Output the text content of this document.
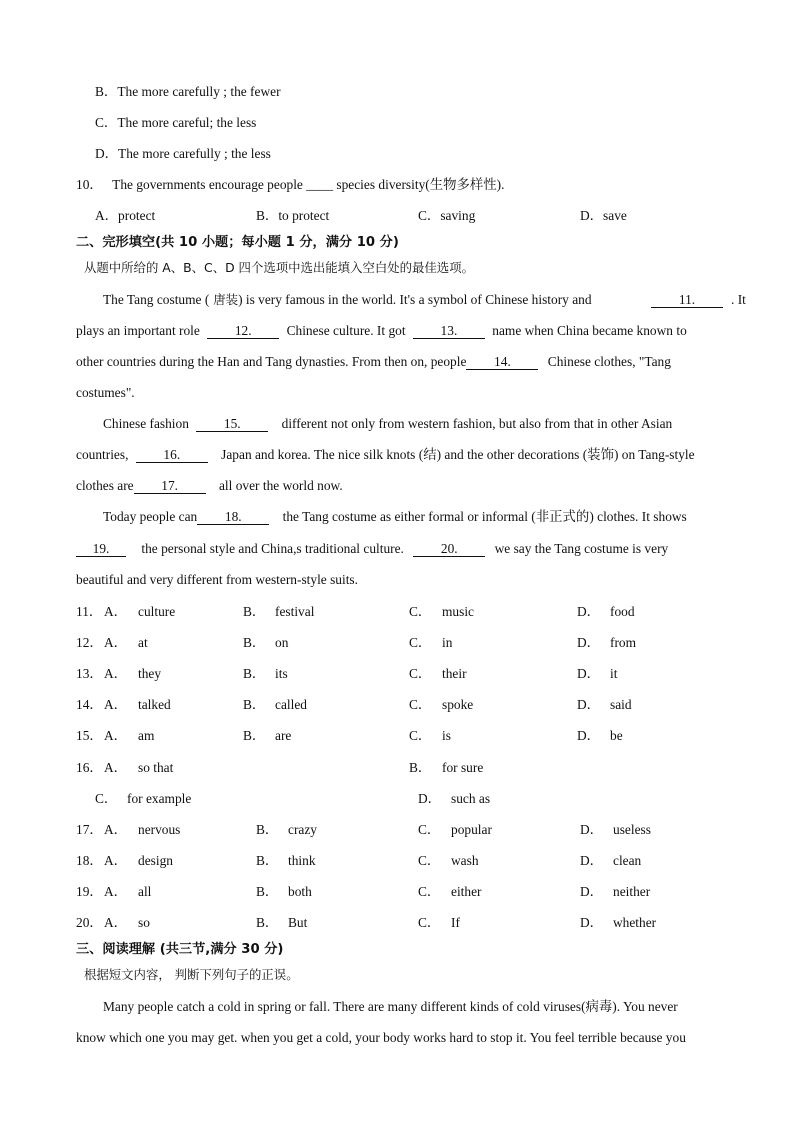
B．The more carefully ; the fewer
C．The more careful; the less
D．The more carefully ; the less
10． The governments encourage people ____ species diversity(生物多样性).
A．protect	B．to protect	C．saving	D．save
二、完形填空(共 10 小题；每小题 1 分，满分 10 分)
从题中所给的 A、B、C、D 四个选项中选出能填入空白处的最佳选项。
The Tang costume ( 唐装) is very famous in the world. It's a symbol of Chinese history and	11.	. It
plays an important role	12.	Chinese culture. It got	13.	name when China became known to
other countries during the Han and Tang dynasties. From then on, people 14.	Chinese clothes, "Tang
costumes".
Chinese fashion	15.	different not only from western fashion, but also from that in other Asian
countries,	16.	Japan and korea. The nice silk knots (结) and the other decorations (装饰) on Tang-style
clothes are 17.	all over the world now.
Today people can 18.	the Tang costume as either formal or informal (非正式的) clothes. It shows
19. the personal style and China,s traditional culture.	20.	we say the Tang costume is very
beautiful and very different from western-style suits.
11． A． culture	B． festival	C． music	D． food
12． A． at	B． on	C． in	D． from
13． A． they	B． its	C． their	D． it
14． A． talked	B． called	C． spoke	D． said
15． A． am	B． are	C． is	D． be
16． A． so that	B． for sure
C． for example	D． such as
17． A． nervous	B． crazy	C． popular	D． useless
18． A． design	B． think	C． wash	D． clean
19． A． all	B． both	C． either	D． neither
20． A． so	B． But	C． If	D． whether
三、阅读理解 (共三节,满分 30 分)
根据短文内容， 判断下列句子的正误。
Many people catch a cold in spring or fall. There are many different kinds of cold viruses(病毒). You never
know which one you may get. when you get a cold, your body works hard to stop it. You feel terrible because you
